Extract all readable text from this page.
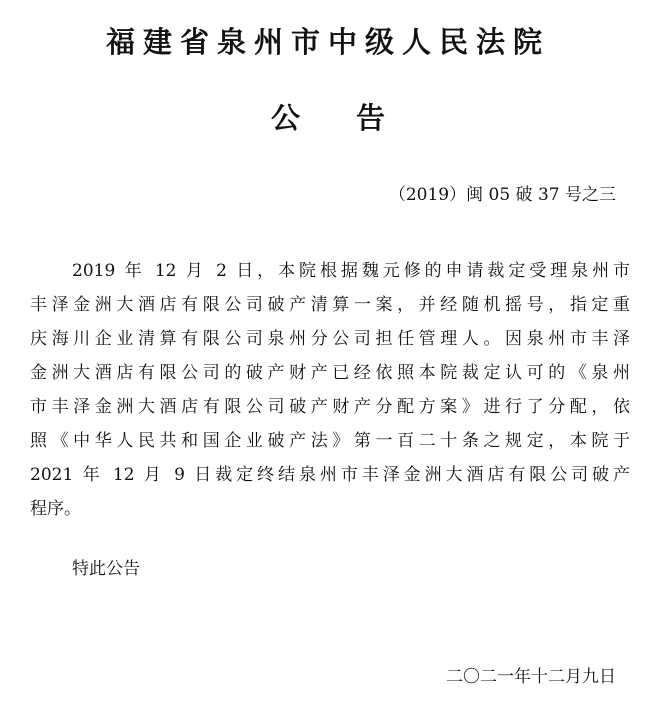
福建省泉州市中级人民法院
公 告
（2019）闽 05 破 37 号之三
2019 年 12 月 2 日，本院根据魏元修的申请裁定受理泉州市
丰泽金洲大酒店有限公司破产清算一案，并经随机摇号，指定重
庆海川企业清算有限公司泉州分公司担任管理人。因泉州市丰泽
金洲大酒店有限公司的破产财产已经依照本院裁定认可的《泉州
市丰泽金洲大酒店有限公司破产财产分配方案》进行了分配，依
照《中华人民共和国企业破产法》第一百二十条之规定，本院于
2021 年 12 月 9 日裁定终结泉州市丰泽金洲大酒店有限公司破产
程序。
特此公告
二〇二一年十二月九日
